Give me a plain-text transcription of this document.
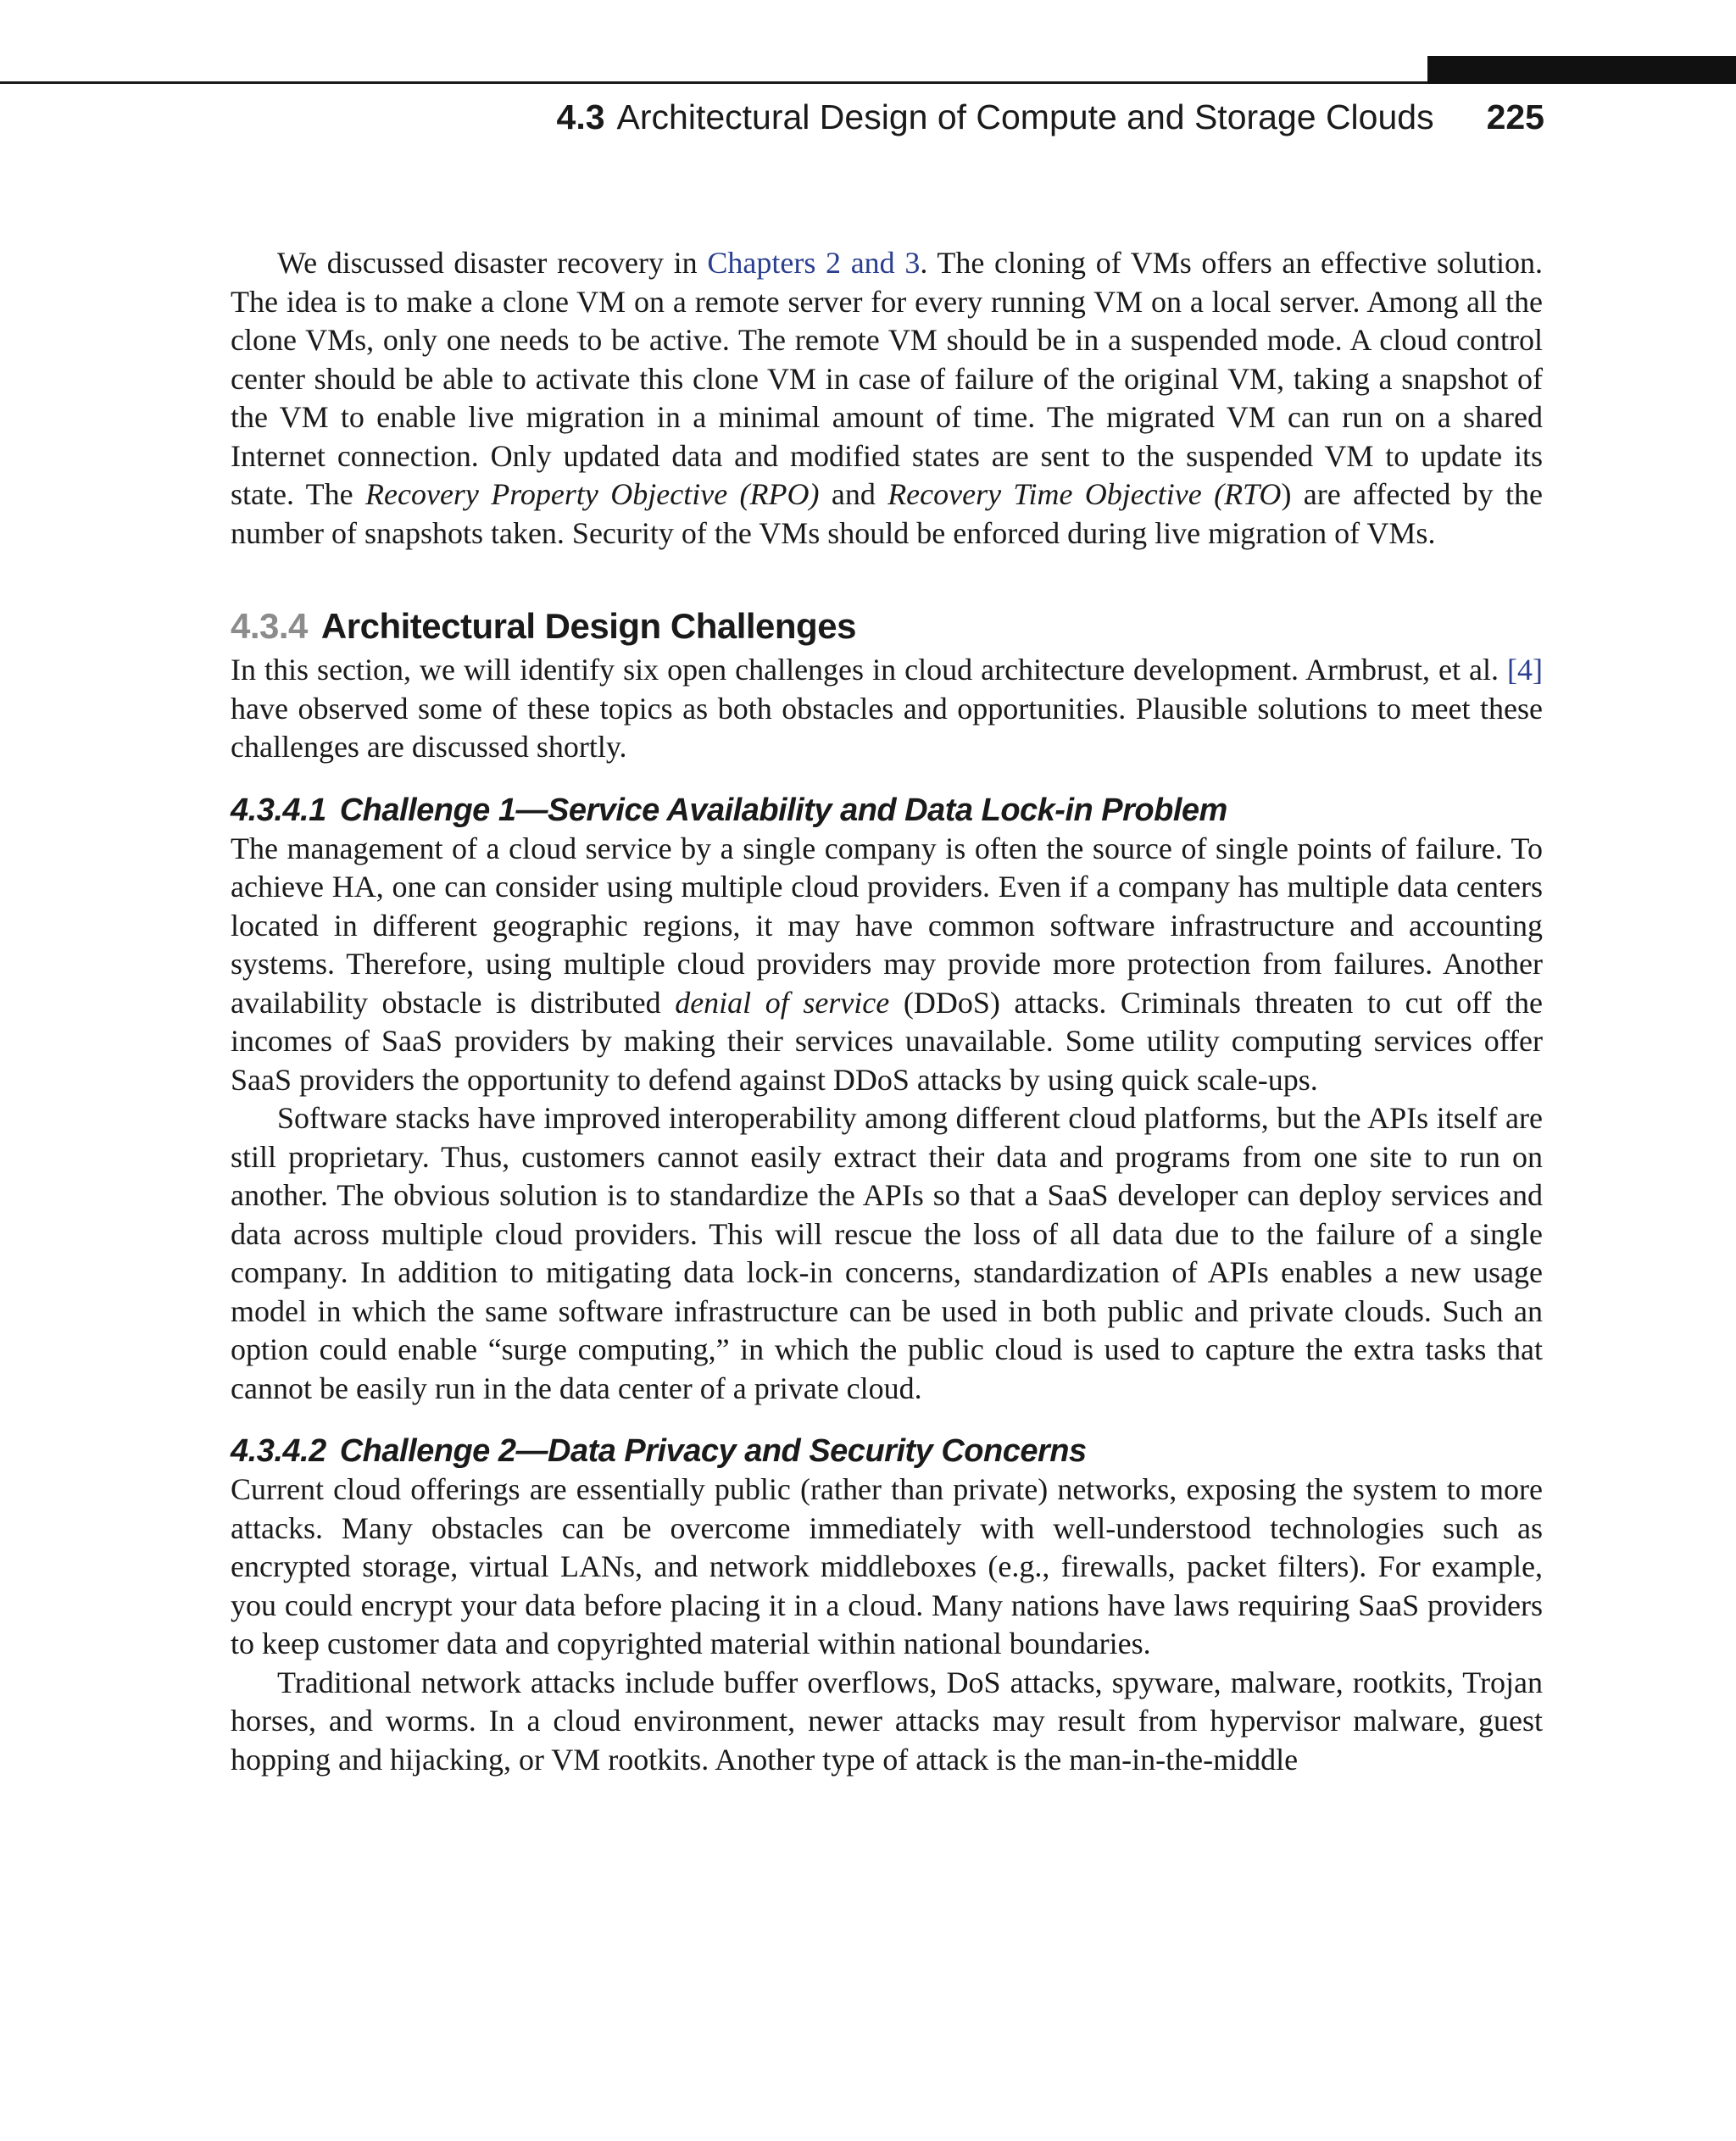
4.3 Architectural Design of Compute and Storage Clouds 225

We discussed disaster recovery in Chapters 2 and 3. The cloning of VMs offers an effective solution. The idea is to make a clone VM on a remote server for every running VM on a local server. Among all the clone VMs, only one needs to be active. The remote VM should be in a suspended mode. A cloud control center should be able to activate this clone VM in case of failure of the original VM, taking a snapshot of the VM to enable live migration in a minimal amount of time. The migrated VM can run on a shared Internet connection. Only updated data and modified states are sent to the suspended VM to update its state. The Recovery Property Objective (RPO) and Recovery Time Objective (RTO) are affected by the number of snapshots taken. Security of the VMs should be enforced during live migration of VMs.

4.3.4 Architectural Design Challenges

In this section, we will identify six open challenges in cloud architecture development. Armbrust, et al. [4] have observed some of these topics as both obstacles and opportunities. Plausible solutions to meet these challenges are discussed shortly.

4.3.4.1 Challenge 1—Service Availability and Data Lock-in Problem

The management of a cloud service by a single company is often the source of single points of failure. To achieve HA, one can consider using multiple cloud providers. Even if a company has multiple data centers located in different geographic regions, it may have common software infrastructure and accounting systems. Therefore, using multiple cloud providers may provide more protection from failures. Another availability obstacle is distributed denial of service (DDoS) attacks. Criminals threaten to cut off the incomes of SaaS providers by making their services unavailable. Some utility computing services offer SaaS providers the opportunity to defend against DDoS attacks by using quick scale-ups.

Software stacks have improved interoperability among different cloud platforms, but the APIs itself are still proprietary. Thus, customers cannot easily extract their data and programs from one site to run on another. The obvious solution is to standardize the APIs so that a SaaS developer can deploy services and data across multiple cloud providers. This will rescue the loss of all data due to the failure of a single company. In addition to mitigating data lock-in concerns, standardization of APIs enables a new usage model in which the same software infrastructure can be used in both public and private clouds. Such an option could enable “surge computing,” in which the public cloud is used to capture the extra tasks that cannot be easily run in the data center of a private cloud.

4.3.4.2 Challenge 2—Data Privacy and Security Concerns

Current cloud offerings are essentially public (rather than private) networks, exposing the system to more attacks. Many obstacles can be overcome immediately with well-understood technologies such as encrypted storage, virtual LANs, and network middleboxes (e.g., firewalls, packet filters). For example, you could encrypt your data before placing it in a cloud. Many nations have laws requiring SaaS providers to keep customer data and copyrighted material within national boundaries.

Traditional network attacks include buffer overflows, DoS attacks, spyware, malware, rootkits, Trojan horses, and worms. In a cloud environment, newer attacks may result from hypervisor malware, guest hopping and hijacking, or VM rootkits. Another type of attack is the man-in-the-middle
